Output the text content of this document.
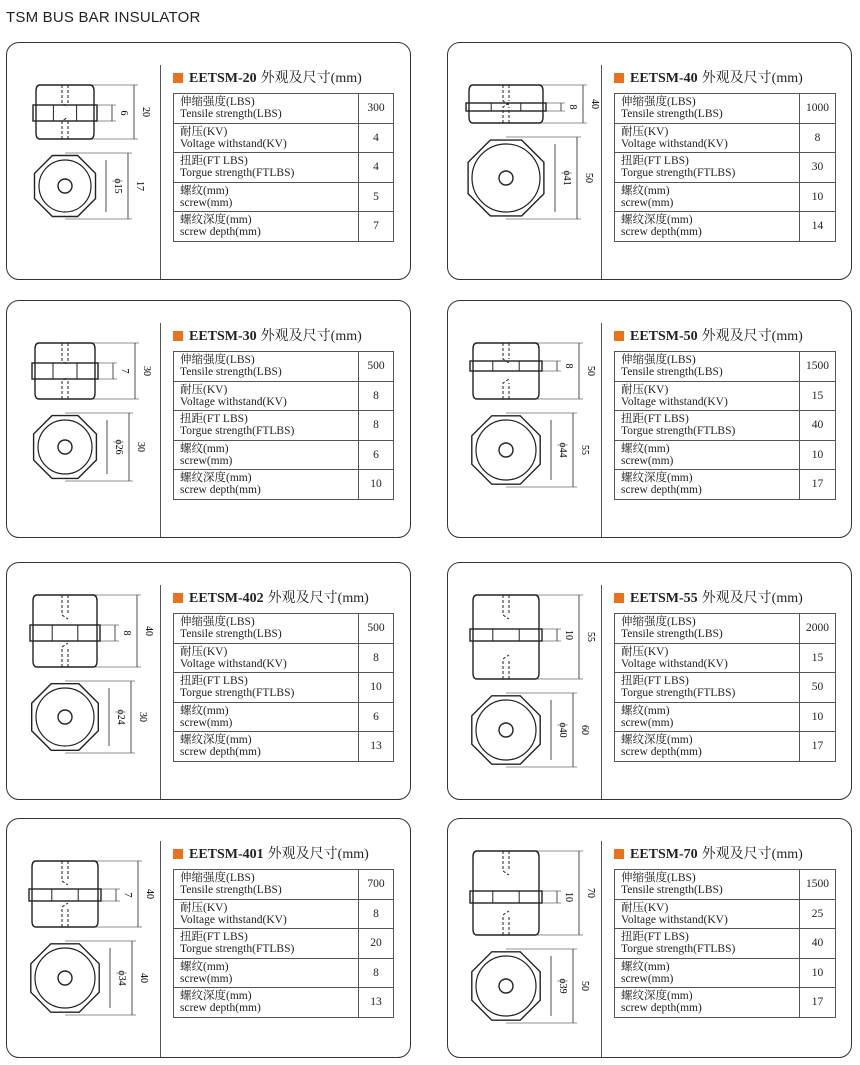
TSM BUS BAR INSULATOR
EETSM-20 外观及尺寸(mm)
伸缩强度(LBS)
Tensile strength(LBS)	300

耐压(KV)
Voltage withstand(KV)	4

扭距(FT LBS)
Torgue strength(FTLBS)	4

螺纹(mm)
screw(mm)	5

螺纹深度(mm)
screw depth(mm)	7
6 20
ϕ15 17
EETSM-40 外观及尺寸(mm)
伸缩强度(LBS)
Tensile strength(LBS)	1000

耐压(KV)
Voltage withstand(KV)	8

扭距(FT LBS)
Torgue strength(FTLBS)	30

螺纹(mm)
screw(mm)	10

螺纹深度(mm)
screw depth(mm)	14
8 40
ϕ41 50
EETSM-30 外观及尺寸(mm)
伸缩强度(LBS)
Tensile strength(LBS)	500

耐压(KV)
Voltage withstand(KV)	8

扭距(FT LBS)
Torgue strength(FTLBS)	8

螺纹(mm)
screw(mm)	6

螺纹深度(mm)
screw depth(mm)	10
7 30
ϕ26 30
EETSM-50 外观及尺寸(mm)
伸缩强度(LBS)
Tensile strength(LBS)	1500

耐压(KV)
Voltage withstand(KV)	15

扭距(FT LBS)
Torgue strength(FTLBS)	40

螺纹(mm)
screw(mm)	10

螺纹深度(mm)
screw depth(mm)	17
8 50
ϕ44 55
EETSM-402 外观及尺寸(mm)
伸缩强度(LBS)
Tensile strength(LBS)	500

耐压(KV)
Voltage withstand(KV)	8

扭距(FT LBS)
Torgue strength(FTLBS)	10

螺纹(mm)
screw(mm)	6

螺纹深度(mm)
screw depth(mm)	13
8 40
ϕ24 30
EETSM-55 外观及尺寸(mm)
伸缩强度(LBS)
Tensile strength(LBS)	2000

耐压(KV)
Voltage withstand(KV)	15

扭距(FT LBS)
Torgue strength(FTLBS)	50

螺纹(mm)
screw(mm)	10

螺纹深度(mm)
screw depth(mm)	17
10 55
ϕ40 60
EETSM-401 外观及尺寸(mm)
伸缩强度(LBS)
Tensile strength(LBS)	700

耐压(KV)
Voltage withstand(KV)	8

扭距(FT LBS)
Torgue strength(FTLBS)	20

螺纹(mm)
screw(mm)	8

螺纹深度(mm)
screw depth(mm)	13
7 40
ϕ34 40
EETSM-70 外观及尺寸(mm)
伸缩强度(LBS)
Tensile strength(LBS)	1500

耐压(KV)
Voltage withstand(KV)	25

扭距(FT LBS)
Torgue strength(FTLBS)	40

螺纹(mm)
screw(mm)	10

螺纹深度(mm)
screw depth(mm)	17
10 70
ϕ39 50
